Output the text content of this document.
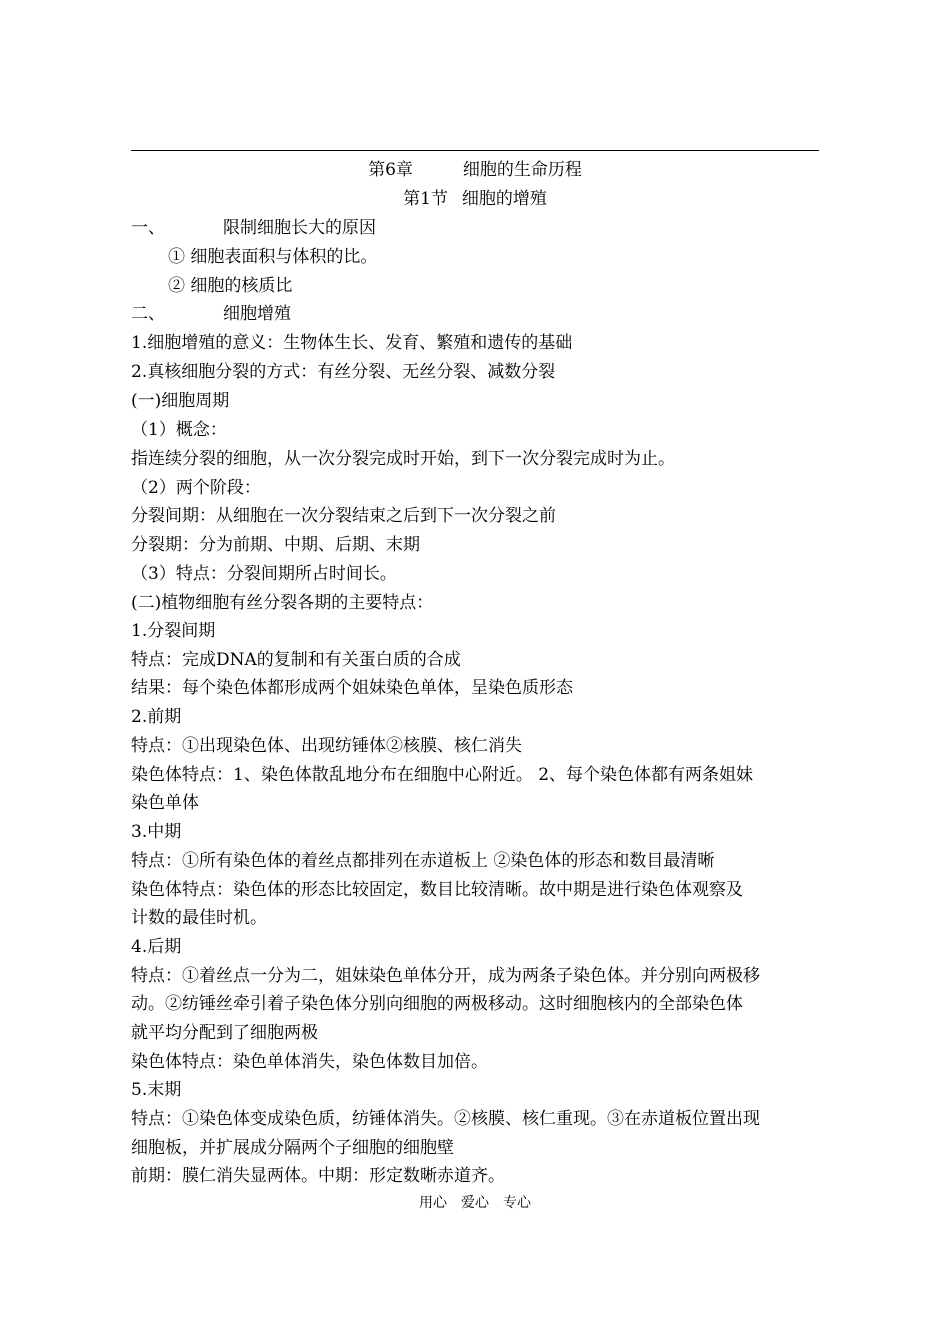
第6章	细胞的生命历程
第1节 细胞的增殖
一、	限制细胞长大的原因
① 细胞表面积与体积的比。
② 细胞的核质比
二、	细胞增殖
1.细胞增殖的意义：生物体生长、发育、繁殖和遗传的基础
2.真核细胞分裂的方式：有丝分裂、无丝分裂、减数分裂
(一)细胞周期
（1）概念：
指连续分裂的细胞，从一次分裂完成时开始，到下一次分裂完成时为止。
（2）两个阶段：
分裂间期：从细胞在一次分裂结束之后到下一次分裂之前
分裂期：分为前期、中期、后期、末期
（3）特点：分裂间期所占时间长。
(二)植物细胞有丝分裂各期的主要特点：
1.分裂间期
特点：完成DNA的复制和有关蛋白质的合成
结果：每个染色体都形成两个姐妹染色单体，呈染色质形态
2.前期
特点：①出现染色体、出现纺锤体②核膜、核仁消失
染色体特点：1、染色体散乱地分布在细胞中心附近。 2、每个染色体都有两条姐妹
染色单体
3.中期
特点：①所有染色体的着丝点都排列在赤道板上 ②染色体的形态和数目最清晰
染色体特点：染色体的形态比较固定，数目比较清晰。故中期是进行染色体观察及
计数的最佳时机。
4.后期
特点：①着丝点一分为二，姐妹染色单体分开，成为两条子染色体。并分别向两极移
动。②纺锤丝牵引着子染色体分别向细胞的两极移动。这时细胞核内的全部染色体
就平均分配到了细胞两极
染色体特点：染色单体消失，染色体数目加倍。
5.末期
特点：①染色体变成染色质，纺锤体消失。②核膜、核仁重现。③在赤道板位置出现
细胞板，并扩展成分隔两个子细胞的细胞壁
前期：膜仁消失显两体。中期：形定数晰赤道齐。
用心　爱心　专心
